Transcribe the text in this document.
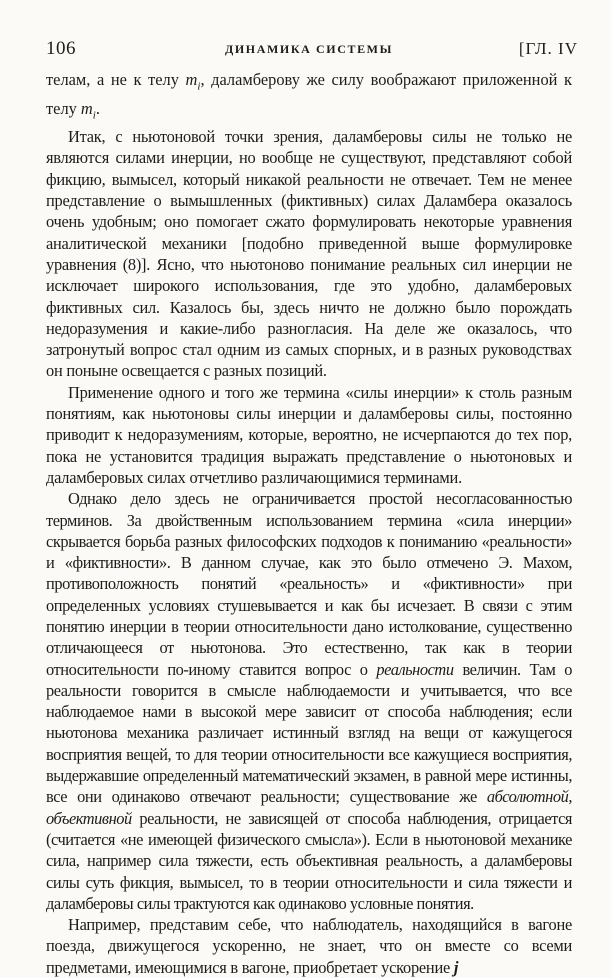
106	ДИНАМИКА СИСТЕМЫ	[ГЛ. IV

телам, а не к телу $m_i$, даламберову же силу воображают приложенной к телу $m_i$.

Итак, с ньютоновой точки зрения, даламберовы силы не только не являются силами инерции, но вообще не существуют, представляют собой фикцию, вымысел, который никакой реальности не отвечает. Тем не менее представление о вымышленных (фиктивных) силах Даламбера оказалось очень удобным; оно помогает сжато формулировать некоторые уравнения аналитической механики [подобно приведенной выше формулировке уравнения (8)]. Ясно, что ньютоново понимание реальных сил инерции не исключает широкого использования, где это удобно, даламберовых фиктивных сил. Казалось бы, здесь ничто не должно было порождать недоразумения и какие-либо разногласия. На деле же оказалось, что затронутый вопрос стал одним из самых спорных, и в разных руководствах он поныне освещается с разных позиций.

Применение одного и того же термина «силы инерции» к столь разным понятиям, как ньютоновы силы инерции и даламберовы силы, постоянно приводит к недоразумениям, которые, вероятно, не исчерпаются до тех пор, пока не установится традиция выражать представление о ньютоновых и даламберовых силах отчетливо различающимися терминами.

Однако дело здесь не ограничивается простой несогласованностью терминов. За двойственным использованием термина «сила инерции» скрывается борьба разных философских подходов к пониманию «реальности» и «фиктивности». В данном случае, как это было отмечено Э. Махом, противоположность понятий «реальность» и «фиктивности» при определенных условиях стушевывается и как бы исчезает. В связи с этим понятию инерции в теории относительности дано истолкование, существенно отличающееся от ньютонова. Это естественно, так как в теории относительности по-иному ставится вопрос о реальности величин. Там о реальности говорится в смысле наблюдаемости и учитывается, что все наблюдаемое нами в высокой мере зависит от способа наблюдения; если ньютонова механика различает истинный взгляд на вещи от кажущегося восприятия вещей, то для теории относительности все кажущиеся восприятия, выдержавшие определенный математический экзамен, в равной мере истинны, все они одинаково отвечают реальности; существование же абсолютной, объективной реальности, не зависящей от способа наблюдения, отрицается (считается «не имеющей физического смысла»). Если в ньютоновой механике сила, например сила тяжести, есть объективная реальность, а даламберовы силы суть фикция, вымысел, то в теории относительности и сила тяжести и даламберовы силы трактуются как одинаково условные понятия.

Например, представим себе, что наблюдатель, находящийся в вагоне поезда, движущегося ускоренно, не знает, что он вместе со всеми предметами, имеющимися в вагоне, приобретает ускорение j
